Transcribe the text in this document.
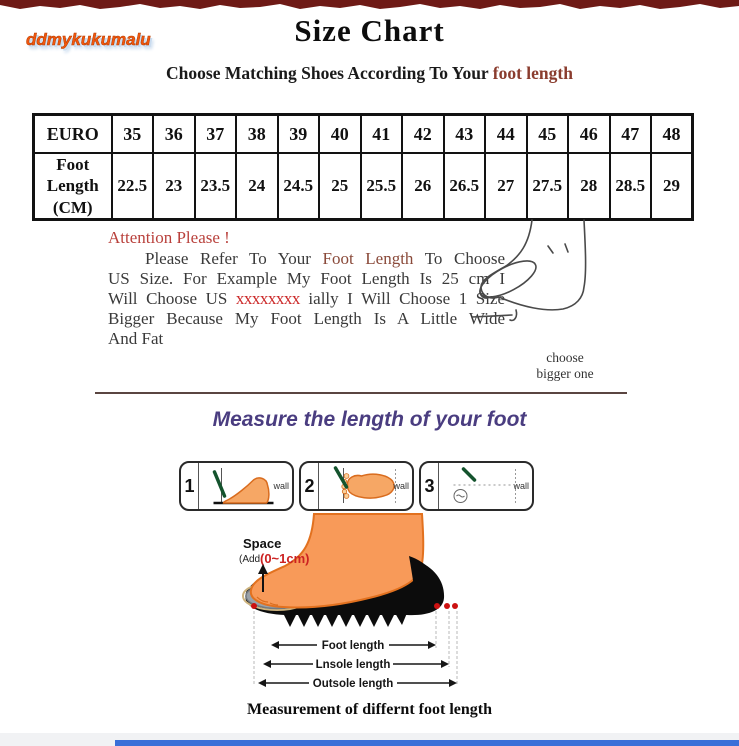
ddmykukumalu	Size Chart
Choose Matching Shoes According To Your foot length
EURO	35	36	37	38	39	40	41	42	43	44	45	46	47	48
Foot Length (CM)	22.5	23	23.5	24	24.5	25	25.5	26	26.5	27	27.5	28	28.5	29
Attention Please !
Please Refer To Your Foot Length To Choose
US Size. For Example My Foot Length Is 25 cm I
Will Choose US xxxxxxxx ially I Will Choose 1 Size
Bigger Because My Foot Length Is A Little Wide
And Fat
choose
bigger one
Measure the length of your foot
1	wall 2	wall 3	wall
Space
(Add (0~1cm)
Foot length
Lnsole length
Outsole length
Measurement of differnt foot length
